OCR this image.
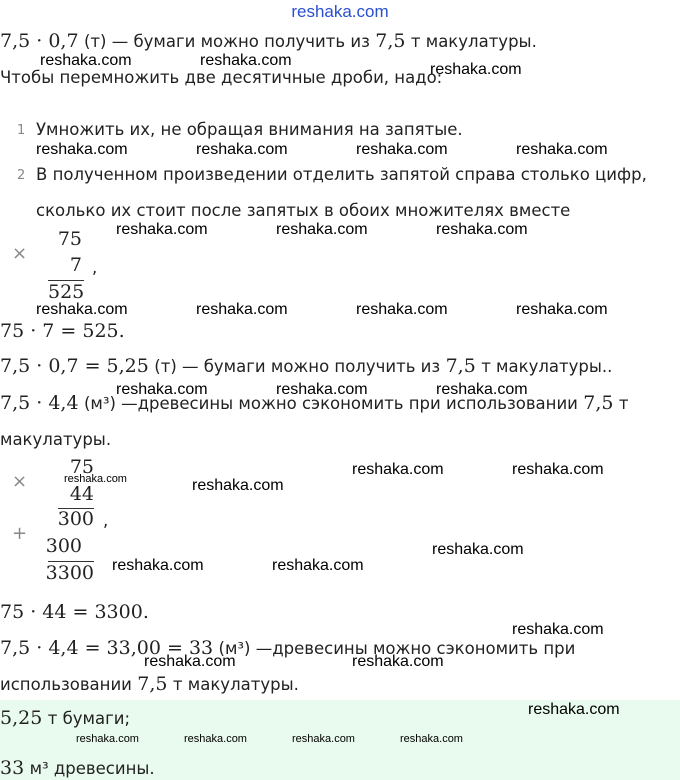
reshaka.com
7,5 · 0,7 (т) — бумаги можно получить из 7,5 т макулатуры.
Чтобы перемножить две десятичные дроби, надо:
1 Умножить их, не обращая внимания на запятые.
2 В полученном произведении отделить запятой справа столько цифр,
сколько их стоит после запятых в обоих множителях вместе
×
75
7
525
,
75 · 7 = 525.
7,5 · 0,7 = 5,25 (т) — бумаги можно получить из 7,5 т макулатуры..
7,5 · 4,4 (м³) —древесины можно сэкономить при использовании 7,5 т
макулатуры.
×
75
44
300 ,
+
300
3300
75 · 44 = 3300.
7,5 · 4,4 = 33,00 = 33 (м³) —древесины можно сэкономить при
использовании 7,5 т макулатуры.
5,25 т бумаги;
33 м³ древесины.
reshaka.com	reshaka.com
reshaka.com
reshaka.com	reshaka.com	reshaka.com	reshaka.com
reshaka.com	reshaka.com	reshaka.com
reshaka.com	reshaka.com	reshaka.com	reshaka.com
reshaka.com	reshaka.com	reshaka.com
reshaka.com	reshaka.com
reshaka.com	reshaka.com
reshaka.com
reshaka.com	reshaka.com
reshaka.com
reshaka.com	reshaka.com
reshaka.com
reshaka.com	reshaka.com	reshaka.com	reshaka.com
